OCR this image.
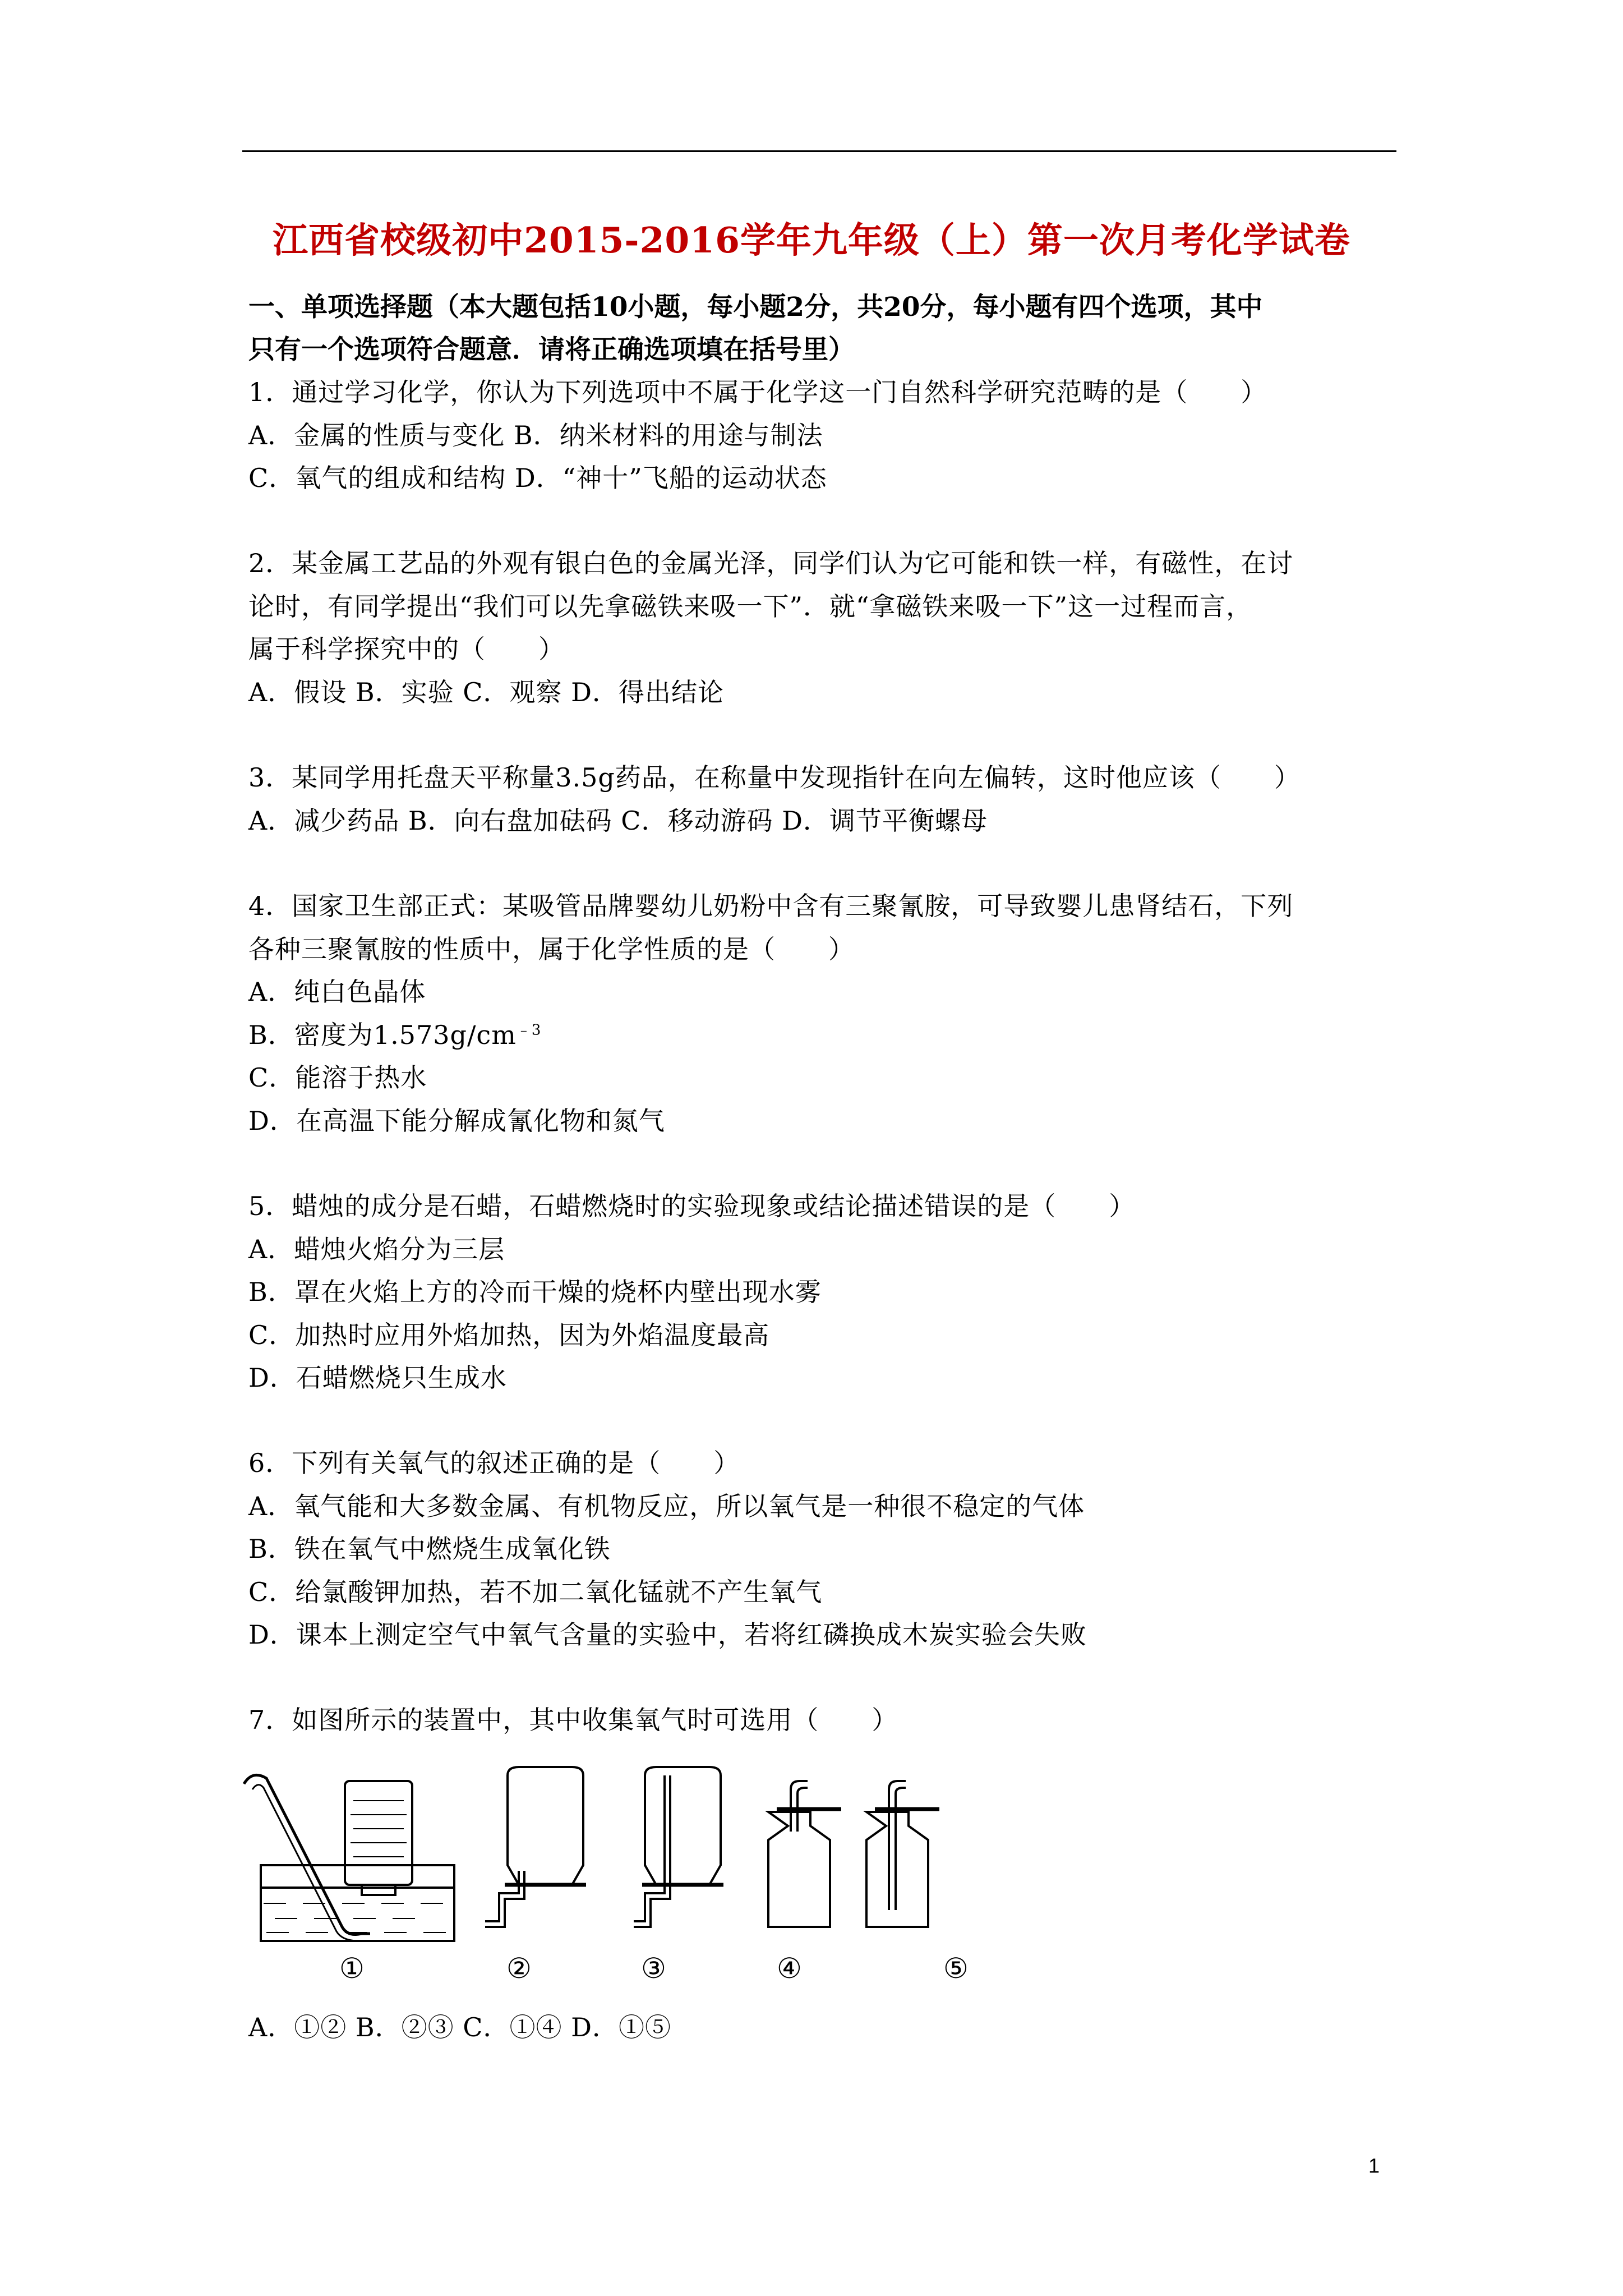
江西省校级初中2015-2016学年九年级（上）第一次月考化学试卷
一、单项选择题（本大题包括10小题，每小题2分，共20分，每小题有四个选项，其中
只有一个选项符合题意．请将正确选项填在括号里）
1．通过学习化学，你认为下列选项中不属于化学这一门自然科学研究范畴的是（　　）
A．金属的性质与变化 B．纳米材料的用途与制法
C．氧气的组成和结构 D．“神十”飞船的运动状态
2．某金属工艺品的外观有银白色的金属光泽，同学们认为它可能和铁一样，有磁性，在讨
论时，有同学提出“我们可以先拿磁铁来吸一下”．就“拿磁铁来吸一下”这一过程而言，
属于科学探究中的（　　）
A．假设 B．实验 C．观察 D．得出结论
3．某同学用托盘天平称量3.5g药品，在称量中发现指针在向左偏转，这时他应该（　　）
A．减少药品 B．向右盘加砝码 C．移动游码 D．调节平衡螺母
4．国家卫生部正式：某吸管品牌婴幼儿奶粉中含有三聚氰胺，可导致婴儿患肾结石，下列
各种三聚氰胺的性质中，属于化学性质的是（　　）
A．纯白色晶体
B．密度为$1.573g/cm^{﹣3}$
C．能溶于热水
D．在高温下能分解成氰化物和氮气
5．蜡烛的成分是石蜡，石蜡燃烧时的实验现象或结论描述错误的是（　　）
A．蜡烛火焰分为三层
B．罩在火焰上方的冷而干燥的烧杯内壁出现水雾
C．加热时应用外焰加热，因为外焰温度最高
D．石蜡燃烧只生成水
6．下列有关氧气的叙述正确的是（　　）
A．氧气能和大多数金属、有机物反应，所以氧气是一种很不稳定的气体
B．铁在氧气中燃烧生成氧化铁
C．给氯酸钾加热，若不加二氧化锰就不产生氧气
D．课本上测定空气中氧气含量的实验中，若将红磷换成木炭实验会失败
7．如图所示的装置中，其中收集氧气时可选用（　　）
①	②	③	④	⑤
A．①② B．②③ C．①④ D．①⑤
1
